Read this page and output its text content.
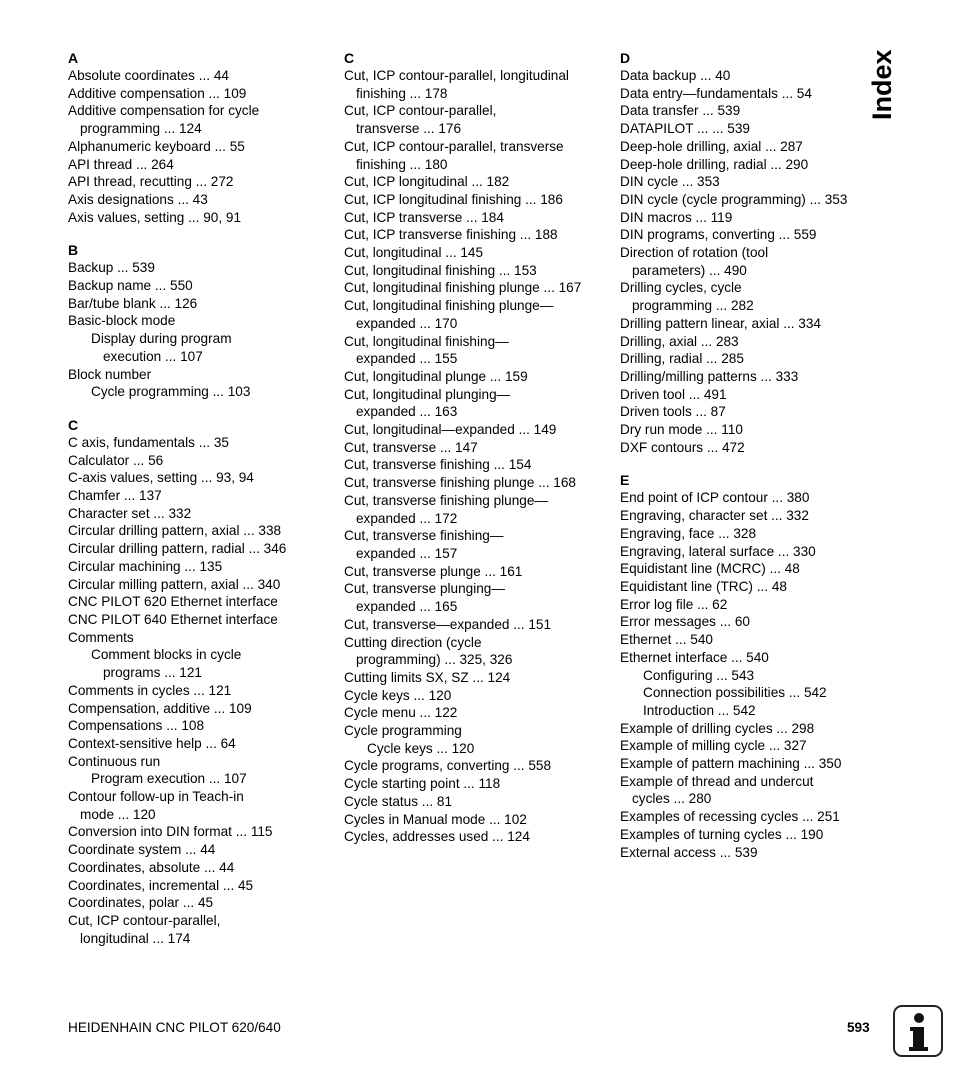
A
Absolute coordinates ... 44
Additive compensation ... 109
Additive compensation for cycle
programming ... 124
Alphanumeric keyboard ... 55
API thread ... 264
API thread, recutting ... 272
Axis designations ... 43
Axis values, setting ... 90, 91
B
Backup ... 539
Backup name ... 550
Bar/tube blank ... 126
Basic-block mode
Display during program
execution ... 107
Block number
Cycle programming ... 103
C
C axis, fundamentals ... 35
Calculator ... 56
C-axis values, setting ... 93, 94
Chamfer ... 137
Character set ... 332
Circular drilling pattern, axial ... 338
Circular drilling pattern, radial ... 346
Circular machining ... 135
Circular milling pattern, axial ... 340
CNC PILOT 620 Ethernet interface
CNC PILOT 640 Ethernet interface
Comments
Comment blocks in cycle
programs ... 121
Comments in cycles ... 121
Compensation, additive ... 109
Compensations ... 108
Context-sensitive help ... 64
Continuous run
Program execution ... 107
Contour follow-up in Teach-in
mode ... 120
Conversion into DIN format ... 115
Coordinate system ... 44
Coordinates, absolute ... 44
Coordinates, incremental ... 45
Coordinates, polar ... 45
Cut, ICP contour-parallel,
longitudinal ... 174
C
Cut, ICP contour-parallel, longitudinal
finishing ... 178
Cut, ICP contour-parallel,
transverse ... 176
Cut, ICP contour-parallel, transverse
finishing ... 180
Cut, ICP longitudinal ... 182
Cut, ICP longitudinal finishing ... 186
Cut, ICP transverse ... 184
Cut, ICP transverse finishing ... 188
Cut, longitudinal ... 145
Cut, longitudinal finishing ... 153
Cut, longitudinal finishing plunge ... 167
Cut, longitudinal finishing plunge—
expanded ... 170
Cut, longitudinal finishing—
expanded ... 155
Cut, longitudinal plunge ... 159
Cut, longitudinal plunging—
expanded ... 163
Cut, longitudinal—expanded ... 149
Cut, transverse ... 147
Cut, transverse finishing ... 154
Cut, transverse finishing plunge ... 168
Cut, transverse finishing plunge—
expanded ... 172
Cut, transverse finishing—
expanded ... 157
Cut, transverse plunge ... 161
Cut, transverse plunging—
expanded ... 165
Cut, transverse—expanded ... 151
Cutting direction (cycle
programming) ... 325, 326
Cutting limits SX, SZ ... 124
Cycle keys ... 120
Cycle menu ... 122
Cycle programming
Cycle keys ... 120
Cycle programs, converting ... 558
Cycle starting point ... 118
Cycle status ... 81
Cycles in Manual mode ... 102
Cycles, addresses used ... 124
D
Data backup ... 40
Data entry—fundamentals ... 54
Data transfer ... 539
DATAPILOT ... ... 539
Deep-hole drilling, axial ... 287
Deep-hole drilling, radial ... 290
DIN cycle ... 353
DIN cycle (cycle programming) ... 353
DIN macros ... 119
DIN programs, converting ... 559
Direction of rotation (tool
parameters) ... 490
Drilling cycles, cycle
programming ... 282
Drilling pattern linear, axial ... 334
Drilling, axial ... 283
Drilling, radial ... 285
Drilling/milling patterns ... 333
Driven tool ... 491
Driven tools ... 87
Dry run mode ... 110
DXF contours ... 472
E
End point of ICP contour ... 380
Engraving, character set ... 332
Engraving, face ... 328
Engraving, lateral surface ... 330
Equidistant line (MCRC) ... 48
Equidistant line (TRC) ... 48
Error log file ... 62
Error messages ... 60
Ethernet ... 540
Ethernet interface ... 540
Configuring ... 543
Connection possibilities ... 542
Introduction ... 542
Example of drilling cycles ... 298
Example of milling cycle ... 327
Example of pattern machining ... 350
Example of thread and undercut
cycles ... 280
Examples of recessing cycles ... 251
Examples of turning cycles ... 190
External access ... 539
Index
HEIDENHAIN CNC PILOT 620/640	593
